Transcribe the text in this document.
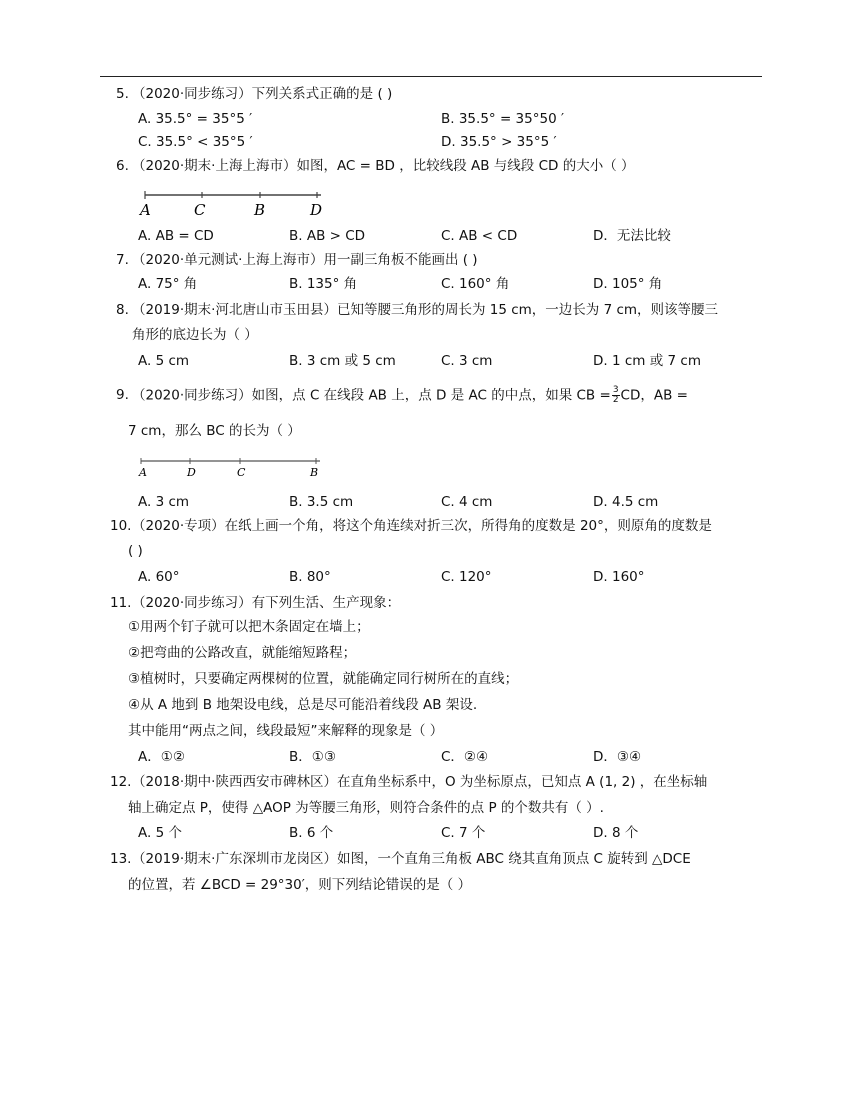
5. （2020·同步练习）下列关系式正确的是 ( )
A. 35.5° = 35°5 ′	B. 35.5° = 35°50 ′
C. 35.5° < 35°5 ′	D. 35.5° > 35°5 ′
6. （2020·期末·上海上海市）如图，AC = BD ，比较线段 AB 与线段 CD 的大小（ ）
A	C	B	D
A. AB = CD	B. AB > CD	C. AB < CD	D．无法比较
7. （2020·单元测试·上海上海市）用一副三角板不能画出 ( )
A. 75° 角	B. 135° 角	C. 160° 角	D. 105° 角
8. （2019·期末·河北唐山市玉田县）已知等腰三角形的周长为 15 cm，一边长为 7 cm，则该等腰三
角形的底边长为（ ）
A. 5 cm	B. 3 cm 或 5 cm	C. 3 cm	D. 1 cm 或 7 cm
9. （2020·同步练习）如图，点 C 在线段 AB 上，点 D 是 AC 的中点，如果 CB = $\frac{3}{2}$ CD，AB =
7 cm，那么 BC 的长为（ ）
A	D	C	B
A. 3 cm	B. 3.5 cm	C. 4 cm	D. 4.5 cm
10. （2020·专项）在纸上画一个角，将这个角连续对折三次，所得角的度数是 20°，则原角的度数是
( )
A. 60°	B. 80°	C. 120°	D. 160°
11. （2020·同步练习）有下列生活、生产现象：
①用两个钉子就可以把木条固定在墙上；
②把弯曲的公路改直，就能缩短路程；
③植树时，只要确定两棵树的位置，就能确定同行树所在的直线；
④从 A 地到 B 地架设电线，总是尽可能沿着线段 AB 架设.
其中能用“两点之间，线段最短”来解释的现象是（ ）
A．①②	B．①③	C．②④	D．③④
12. （2018·期中·陕西西安市碑林区）在直角坐标系中，O 为坐标原点，已知点 A (1, 2) ，在坐标轴
轴上确定点 P，使得 △AOP 为等腰三角形，则符合条件的点 P 的个数共有（ ）.
A. 5 个	B. 6 个	C. 7 个	D. 8 个
13. （2019·期末·广东深圳市龙岗区）如图，一个直角三角板 ABC 绕其直角顶点 C 旋转到 △DCE
的位置，若 ∠BCD = 29°30′，则下列结论错误的是（ ）
